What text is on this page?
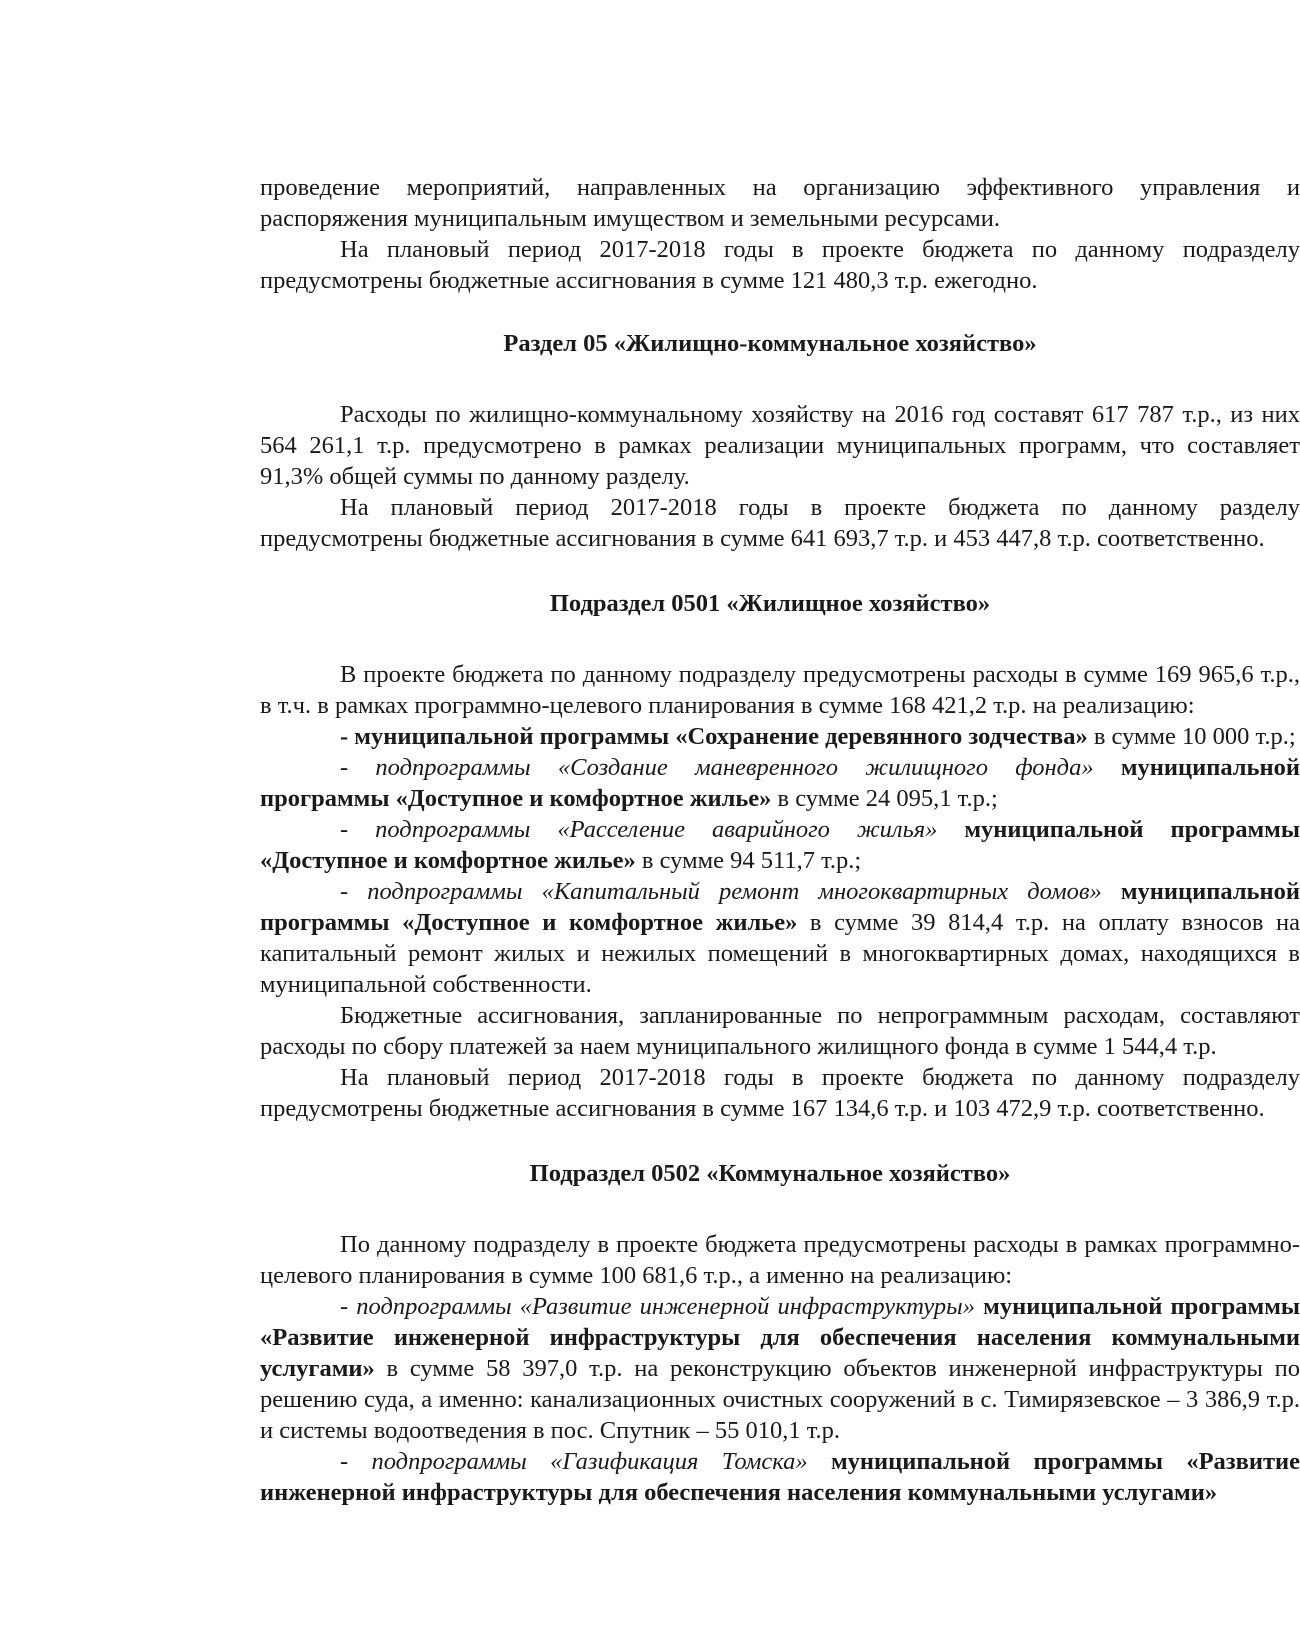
проведение мероприятий, направленных на организацию эффективного управления и распоряжения муниципальным имуществом и земельными ресурсами.

На плановый период 2017-2018 годы в проекте бюджета по данному подразделу предусмотрены бюджетные ассигнования в сумме 121 480,3 т.р. ежегодно.

Раздел 05 «Жилищно-коммунальное хозяйство»

Расходы по жилищно-коммунальному хозяйству на 2016 год составят 617 787 т.р., из них 564 261,1 т.р. предусмотрено в рамках реализации муниципальных программ, что составляет 91,3% общей суммы по данному разделу.

На плановый период 2017-2018 годы в проекте бюджета по данному разделу предусмотрены бюджетные ассигнования в сумме 641 693,7 т.р. и 453 447,8 т.р. соответственно.

Подраздел 0501 «Жилищное хозяйство»

В проекте бюджета по данному подразделу предусмотрены расходы в сумме 169 965,6 т.р., в т.ч. в рамках программно-целевого планирования в сумме 168 421,2 т.р. на реализацию:

- муниципальной программы «Сохранение деревянного зодчества» в сумме 10 000 т.р.;

- подпрограммы «Создание маневренного жилищного фонда» муниципальной программы «Доступное и комфортное жилье» в сумме 24 095,1 т.р.;

- подпрограммы «Расселение аварийного жилья» муниципальной программы «Доступное и комфортное жилье» в сумме 94 511,7 т.р.;

- подпрограммы «Капитальный ремонт многоквартирных домов» муниципальной программы «Доступное и комфортное жилье» в сумме 39 814,4 т.р. на оплату взносов на капитальный ремонт жилых и нежилых помещений в многоквартирных домах, находящихся в муниципальной собственности.

Бюджетные ассигнования, запланированные по непрограммным расходам, составляют расходы по сбору платежей за наем муниципального жилищного фонда в сумме 1 544,4 т.р.

На плановый период 2017-2018 годы в проекте бюджета по данному подразделу предусмотрены бюджетные ассигнования в сумме 167 134,6 т.р. и 103 472,9 т.р. соответственно.

Подраздел 0502 «Коммунальное хозяйство»

По данному подразделу в проекте бюджета предусмотрены расходы в рамках программно-целевого планирования в сумме 100 681,6 т.р., а именно на реализацию:

- подпрограммы «Развитие инженерной инфраструктуры» муниципальной программы «Развитие инженерной инфраструктуры для обеспечения населения коммунальными услугами» в сумме 58 397,0 т.р. на реконструкцию объектов инженерной инфраструктуры по решению суда, а именно: канализационных очистных сооружений в с. Тимирязевское – 3 386,9 т.р. и системы водоотведения в пос. Спутник – 55 010,1 т.р.

- подпрограммы «Газификация Томска» муниципальной программы «Развитие инженерной инфраструктуры для обеспечения населения коммунальными услугами»
